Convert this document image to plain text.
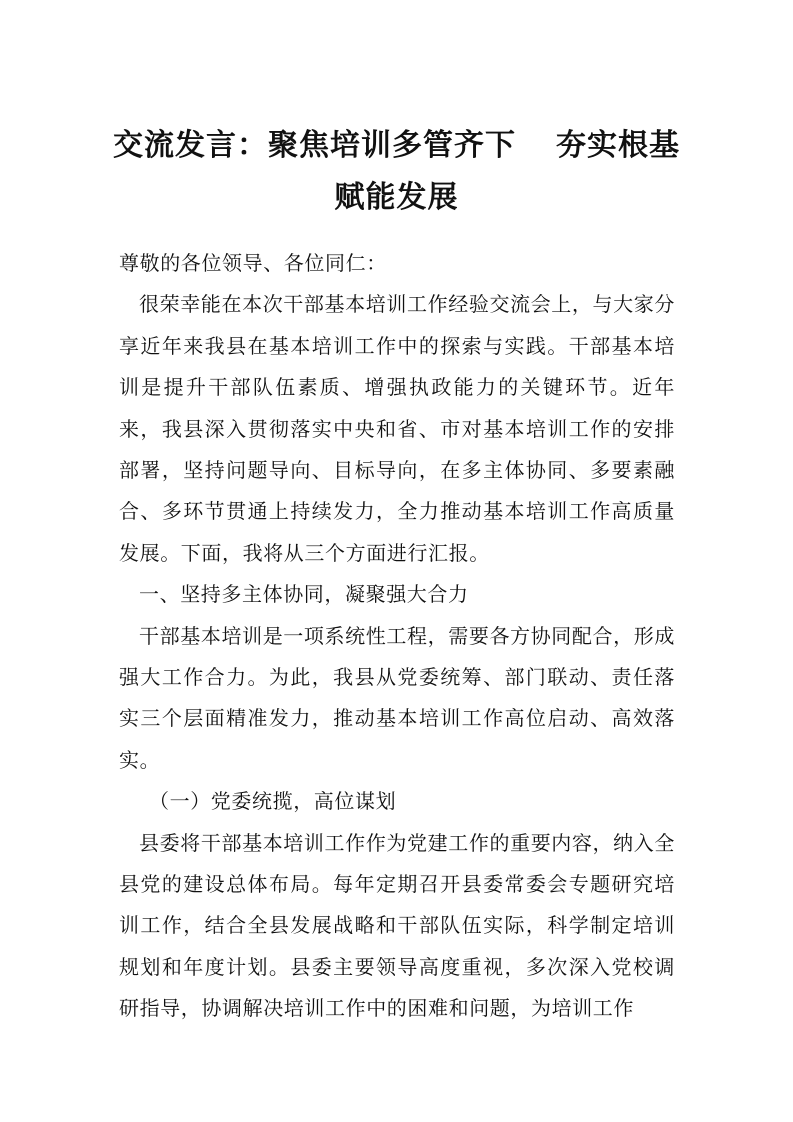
交流发言：聚焦培训多管齐下 夯实根基
赋能发展
尊敬的各位领导、各位同仁：

很荣幸能在本次干部基本培训工作经验交流会上，与大家分享近年来我县在基本培训工作中的探索与实践。干部基本培训是提升干部队伍素质、增强执政能力的关键环节。近年来，我县深入贯彻落实中央和省、市对基本培训工作的安排部署，坚持问题导向、目标导向，在多主体协同、多要素融合、多环节贯通上持续发力，全力推动基本培训工作高质量发展。下面，我将从三个方面进行汇报。

一、坚持多主体协同，凝聚强大合力

干部基本培训是一项系统性工程，需要各方协同配合，形成强大工作合力。为此，我县从党委统筹、部门联动、责任落实三个层面精准发力，推动基本培训工作高位启动、高效落实。

（一）党委统揽，高位谋划

县委将干部基本培训工作作为党建工作的重要内容，纳入全县党的建设总体布局。每年定期召开县委常委会专题研究培训工作，结合全县发展战略和干部队伍实际，科学制定培训规划和年度计划。县委主要领导高度重视，多次深入党校调研指导，协调解决培训工作中的困难和问题，为培训工作
